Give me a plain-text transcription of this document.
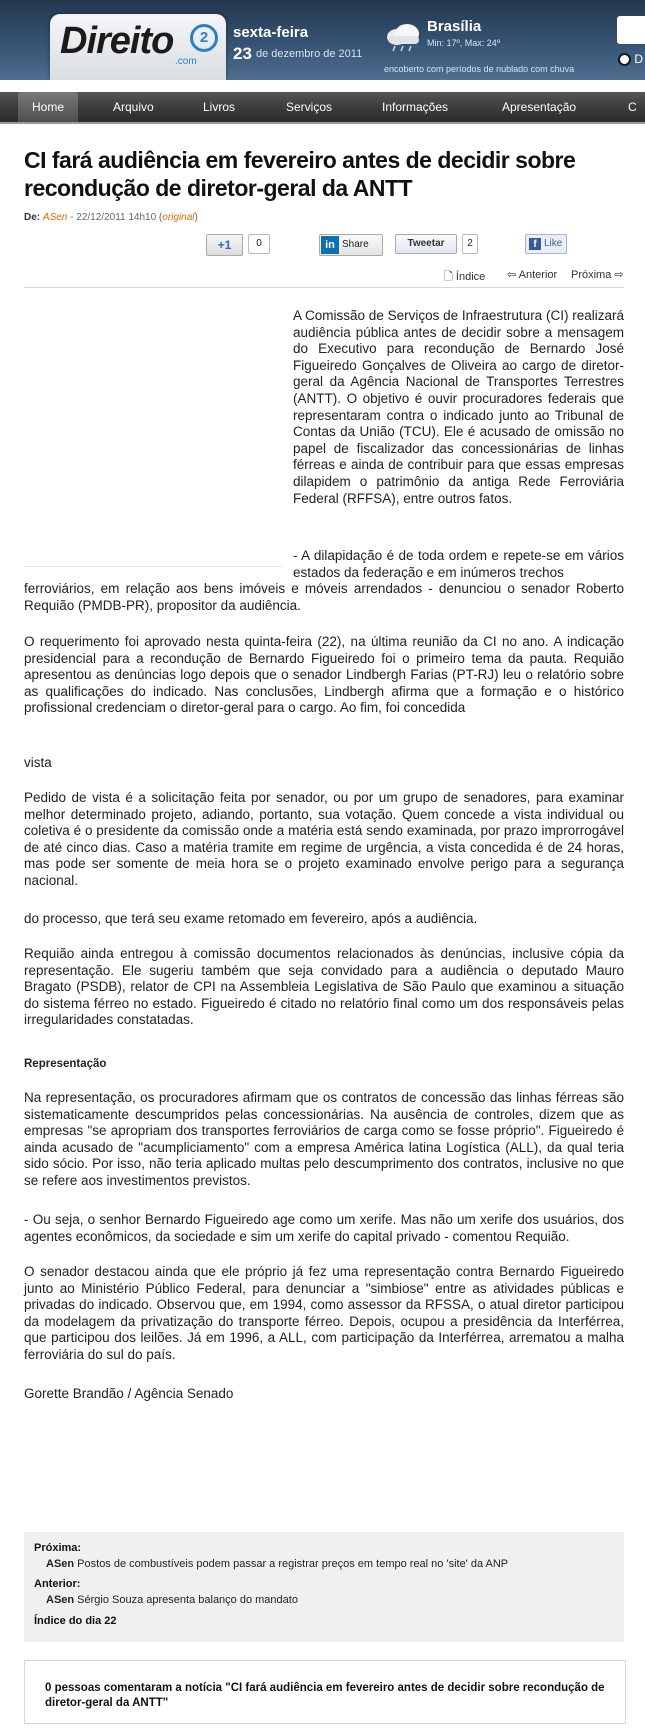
Direito	2
.com
sexta-feira
23 de dezembro de 2011
Brasília
Min: 17º, Max: 24º
encoberto com períodos de nublado com chuva
D
Home	Arquivo	Livros	Serviços	Informações	Apresentação	C
CI fará audiência em fevereiro antes de decidir sobre recondução de diretor-geral da ANTT
De: ASen - 22/12/2011 14h10 (original)
+1	0	in Share	Tweetar	2	f Like
🗋 Índice ⇦ Anterior Próxima ⇨
A Comissão de Serviços de Infraestrutura (CI) realizará audiência pública antes de decidir sobre a mensagem do Executivo para recondução de Bernardo José Figueiredo Gonçalves de Oliveira ao cargo de diretor-geral da Agência Nacional de Transportes Terrestres (ANTT). O objetivo é ouvir procuradores federais que representaram contra o indicado junto ao Tribunal de Contas da União (TCU). Ele é acusado de omissão no papel de fiscalizador das concessionárias de linhas férreas e ainda de contribuir para que essas empresas dilapidem o patrimônio da antiga Rede Ferroviária Federal (RFFSA), entre outros fatos.
- A dilapidação é de toda ordem e repete-se em vários estados da federação e em inúmeros trechos
ferroviários, em relação aos bens imóveis e móveis arrendados - denunciou o senador Roberto Requião (PMDB-PR), propositor da audiência.
O requerimento foi aprovado nesta quinta-feira (22), na última reunião da CI no ano. A indicação presidencial para a recondução de Bernardo Figueiredo foi o primeiro tema da pauta. Requião apresentou as denúncias logo depois que o senador Lindbergh Farias (PT-RJ) leu o relatório sobre as qualificações do indicado. Nas conclusões, Lindbergh afirma que a formação e o histórico profissional credenciam o diretor-geral para o cargo. Ao fim, foi concedida
vista
Pedido de vista é a solicitação feita por senador, ou por um grupo de senadores, para examinar melhor determinado projeto, adiando, portanto, sua votação. Quem concede a vista individual ou coletiva é o presidente da comissão onde a matéria está sendo examinada, por prazo improrrogável de até cinco dias. Caso a matéria tramite em regime de urgência, a vista concedida é de 24 horas, mas pode ser somente de meia hora se o projeto examinado envolve perigo para a segurança nacional.
do processo, que terá seu exame retomado em fevereiro, após a audiência.
Requião ainda entregou à comissão documentos relacionados às denúncias, inclusive cópia da representação. Ele sugeriu também que seja convidado para a audiência o deputado Mauro Bragato (PSDB), relator de CPI na Assembleia Legislativa de São Paulo que examinou a situação do sistema férreo no estado. Figueiredo é citado no relatório final como um dos responsáveis pelas irregularidades constatadas.
Representação
Na representação, os procuradores afirmam que os contratos de concessão das linhas férreas são sistematicamente descumpridos pelas concessionárias. Na ausência de controles, dizem que as empresas "se apropriam dos transportes ferroviários de carga como se fosse próprio". Figueiredo é ainda acusado de "acumpliciamento" com a empresa América latina Logística (ALL), da qual teria sido sócio. Por isso, não teria aplicado multas pelo descumprimento dos contratos, inclusive no que se refere aos investimentos previstos.
- Ou seja, o senhor Bernardo Figueiredo age como um xerife. Mas não um xerife dos usuários, dos agentes econômicos, da sociedade e sim um xerife do capital privado - comentou Requião.
O senador destacou ainda que ele próprio já fez uma representação contra Bernardo Figueiredo junto ao Ministério Público Federal, para denunciar a "simbiose" entre as atividades públicas e privadas do indicado. Observou que, em 1994, como assessor da RFSSA, o atual diretor participou da modelagem da privatização do transporte férreo. Depois, ocupou a presidência da Interférrea, que participou dos leilões. Já em 1996, a ALL, com participação da Interférrea, arrematou a malha ferroviária do sul do país.
Gorette Brandão / Agência Senado
Próxima:
ASen Postos de combustíveis podem passar a registrar preços em tempo real no 'site' da ANP
Anterior:
ASen Sérgio Souza apresenta balanço do mandato
Índice do dia 22
0 pessoas comentaram a notícia "CI fará audiência em fevereiro antes de decidir sobre recondução de diretor-geral da ANTT"
